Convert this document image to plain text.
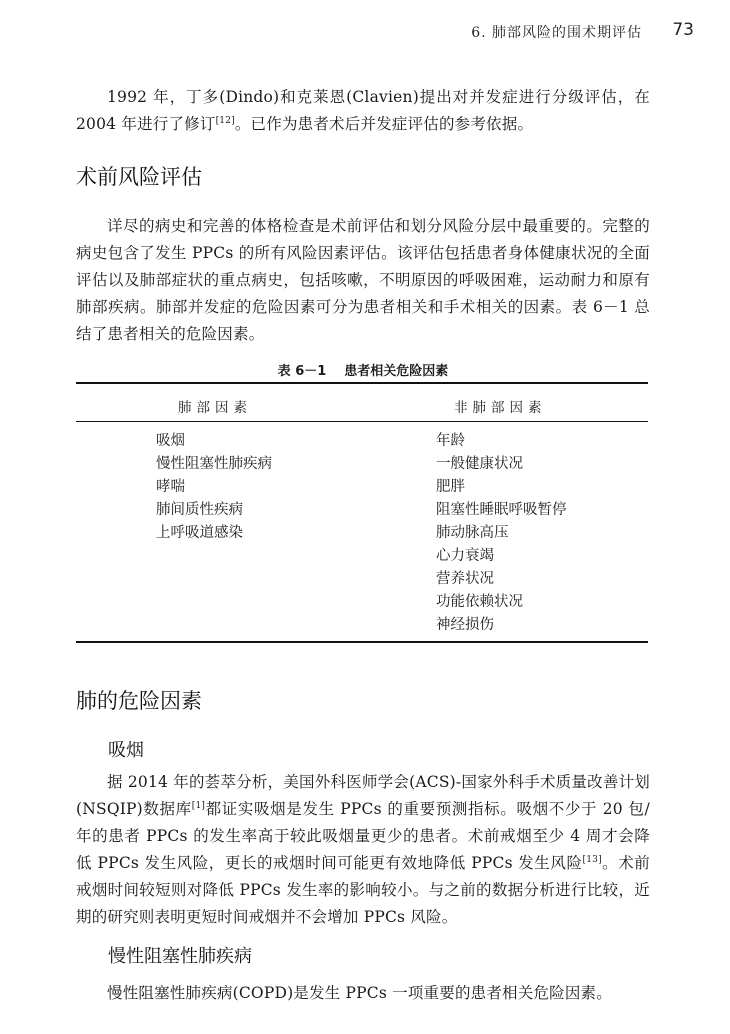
6. 肺部风险的围术期评估 73
1992 年，丁多(Dindo)和克莱恩(Clavien)提出对并发症进行分级评估，在 2004 年进行了修订[12]。已作为患者术后并发症评估的参考依据。
术前风险评估
详尽的病史和完善的体格检查是术前评估和划分风险分层中最重要的。完整的病史包含了发生 PPCs 的所有风险因素评估。该评估包括患者身体健康状况的全面评估以及肺部症状的重点病史，包括咳嗽，不明原因的呼吸困难，运动耐力和原有肺部疾病。肺部并发症的危险因素可分为患者相关和手术相关的因素。表 6－1 总结了患者相关的危险因素。
表 6－1 患者相关危险因素
肺部因素	非肺部因素
吸烟
慢性阻塞性肺疾病
哮喘
肺间质性疾病
上呼吸道感染
年龄
一般健康状况
肥胖
阻塞性睡眠呼吸暂停
肺动脉高压
心力衰竭
营养状况
功能依赖状况
神经损伤
肺的危险因素
吸烟
据 2014 年的荟萃分析，美国外科医师学会(ACS)-国家外科手术质量改善计划(NSQIP)数据库[1]都证实吸烟是发生 PPCs 的重要预测指标。吸烟不少于 20 包/年的患者 PPCs 的发生率高于较此吸烟量更少的患者。术前戒烟至少 4 周才会降低 PPCs 发生风险，更长的戒烟时间可能更有效地降低 PPCs 发生风险[13]。术前戒烟时间较短则对降低 PPCs 发生率的影响较小。与之前的数据分析进行比较，近期的研究则表明更短时间戒烟并不会增加 PPCs 风险。
慢性阻塞性肺疾病
慢性阻塞性肺疾病(COPD)是发生 PPCs 一项重要的患者相关危险因素。
